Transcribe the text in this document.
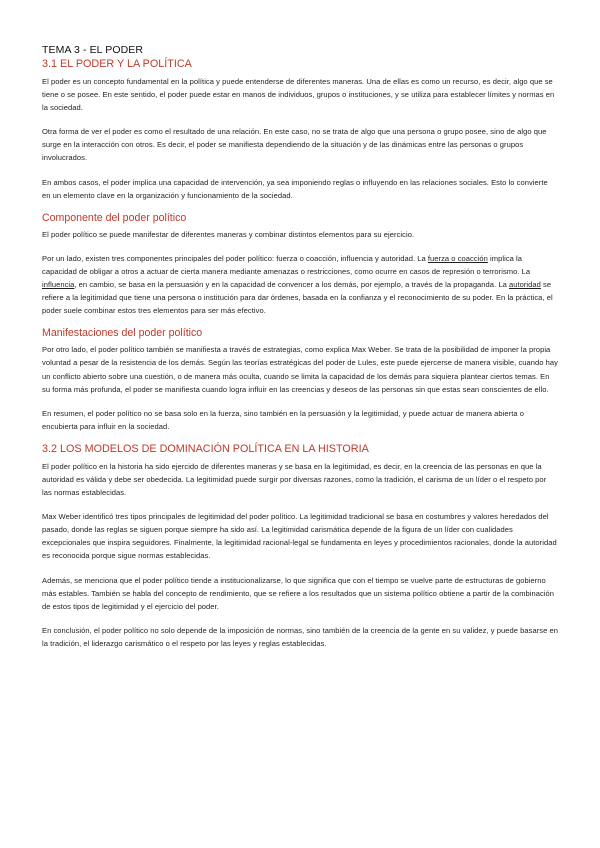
TEMA 3 - EL PODER
3.1 EL PODER Y LA POLÍTICA

El poder es un concepto fundamental en la política y puede entenderse de diferentes maneras. Una de ellas es como un recurso, es decir, algo que se tiene o se posee. En este sentido, el poder puede estar en manos de individuos, grupos o instituciones, y se utiliza para establecer límites y normas en la sociedad.

Otra forma de ver el poder es como el resultado de una relación. En este caso, no se trata de algo que una persona o grupo posee, sino de algo que surge en la interacción con otros. Es decir, el poder se manifiesta dependiendo de la situación y de las dinámicas entre las personas o grupos involucrados.

En ambos casos, el poder implica una capacidad de intervención, ya sea imponiendo reglas o influyendo en las relaciones sociales. Esto lo convierte en un elemento clave en la organización y funcionamiento de la sociedad.

Componente del poder político

El poder político se puede manifestar de diferentes maneras y combinar distintos elementos para su ejercicio.

Por un lado, existen tres componentes principales del poder político: fuerza o coacción, influencia y autoridad. La fuerza o coacción implica la capacidad de obligar a otros a actuar de cierta manera mediante amenazas o restricciones, como ocurre en casos de represión o terrorismo. La influencia, en cambio, se basa en la persuasión y en la capacidad de convencer a los demás, por ejemplo, a través de la propaganda. La autoridad se refiere a la legitimidad que tiene una persona o institución para dar órdenes, basada en la confianza y el reconocimiento de su poder. En la práctica, el poder suele combinar estos tres elementos para ser más efectivo.

Manifestaciones del poder político

Por otro lado, el poder político también se manifiesta a través de estrategias, como explica Max Weber. Se trata de la posibilidad de imponer la propia voluntad a pesar de la resistencia de los demás. Según las teorías estratégicas del poder de Lules, este puede ejercerse de manera visible, cuando hay un conflicto abierto sobre una cuestión, o de manera más oculta, cuando se limita la capacidad de los demás para siquiera plantear ciertos temas. En su forma más profunda, el poder se manifiesta cuando logra influir en las creencias y deseos de las personas sin que estas sean conscientes de ello.

En resumen, el poder político no se basa solo en la fuerza, sino también en la persuasión y la legitimidad, y puede actuar de manera abierta o encubierta para influir en la sociedad.

3.2 LOS MODELOS DE DOMINACIÓN POLÍTICA EN LA HISTORIA

El poder político en la historia ha sido ejercido de diferentes maneras y se basa en la legitimidad, es decir, en la creencia de las personas en que la autoridad es válida y debe ser obedecida. La legitimidad puede surgir por diversas razones, como la tradición, el carisma de un líder o el respeto por las normas establecidas.

Max Weber identificó tres tipos principales de legitimidad del poder político. La legitimidad tradicional se basa en costumbres y valores heredados del pasado, donde las reglas se siguen porque siempre ha sido así. La legitimidad carismática depende de la figura de un líder con cualidades excepcionales que inspira seguidores. Finalmente, la legitimidad racional-legal se fundamenta en leyes y procedimientos racionales, donde la autoridad es reconocida porque sigue normas establecidas.

Además, se menciona que el poder político tiende a institucionalizarse, lo que significa que con el tiempo se vuelve parte de estructuras de gobierno más estables. También se habla del concepto de rendimiento, que se refiere a los resultados que un sistema político obtiene a partir de la combinación de estos tipos de legitimidad y el ejercicio del poder.

En conclusión, el poder político no solo depende de la imposición de normas, sino también de la creencia de la gente en su validez, y puede basarse en la tradición, el liderazgo carismático o el respeto por las leyes y reglas establecidas.
